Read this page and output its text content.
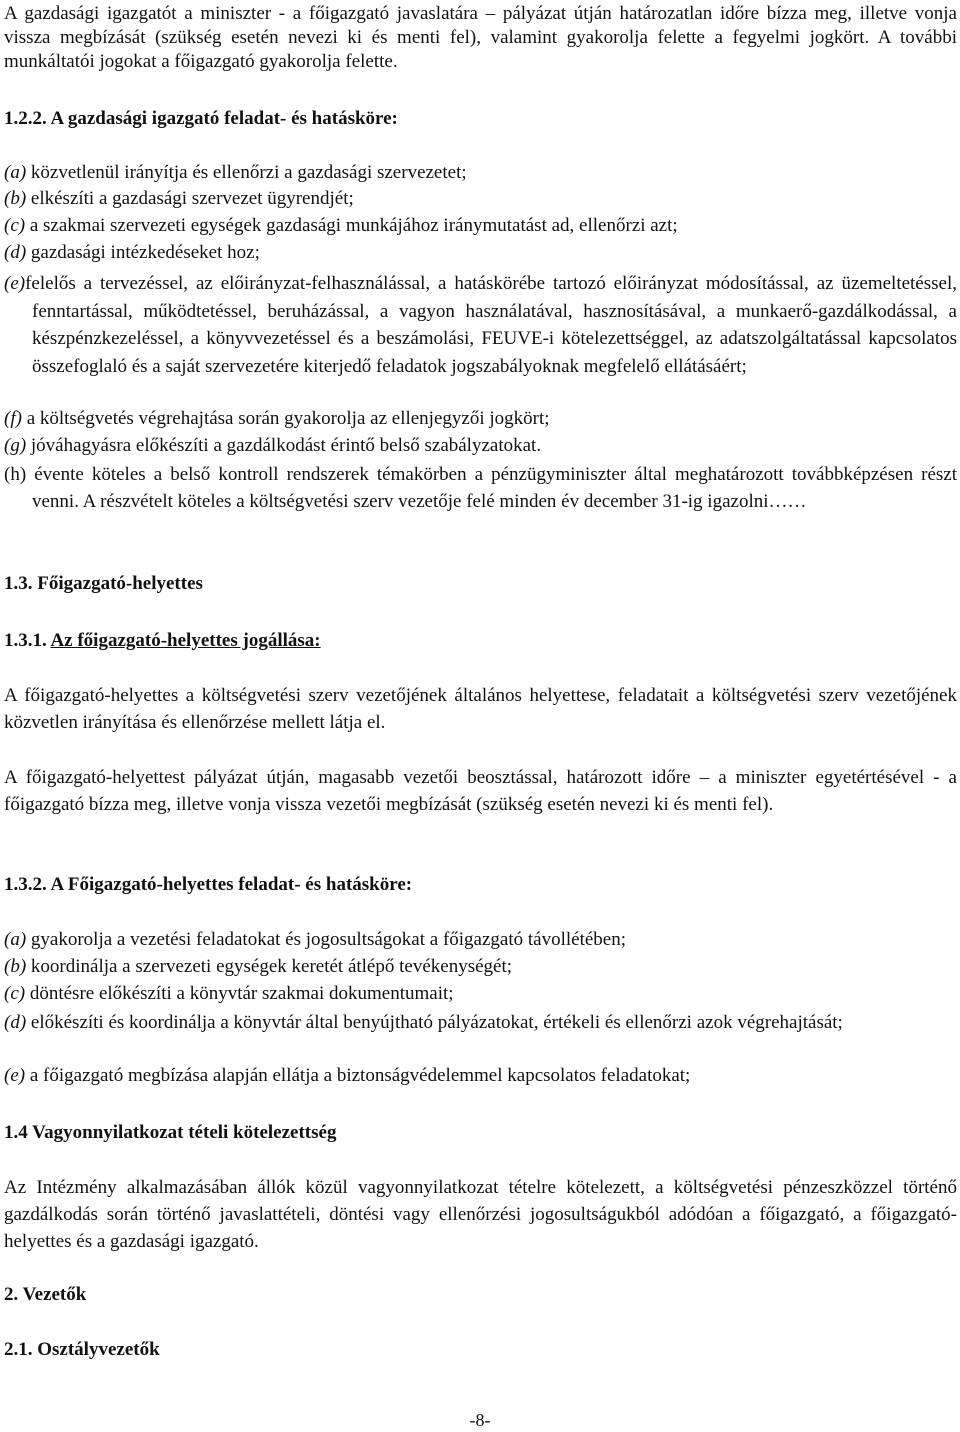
A gazdasági igazgatót a miniszter - a főigazgató javaslatára – pályázat útján határozatlan időre bízza meg, illetve vonja vissza megbízását (szükség esetén nevezi ki és menti fel), valamint gyakorolja felette a fegyelmi jogkört. A további munkáltatói jogokat a főigazgató gyakorolja felette.

1.2.2. A gazdasági igazgató feladat- és hatásköre:

(a) közvetlenül irányítja és ellenőrzi a gazdasági szervezetet;

(b) elkészíti a gazdasági szervezet ügyrendjét;

(c) a szakmai szervezeti egységek gazdasági munkájához iránymutatást ad, ellenőrzi azt;

(d) gazdasági intézkedéseket hoz;

(e)felelős a tervezéssel, az előirányzat-felhasználással, a hatáskörébe tartozó előirányzat módosítással, az üzemeltetéssel, fenntartással, működtetéssel, beruházással, a vagyon használatával, hasznosításával, a munkaerő-gazdálkodással, a készpénzkezeléssel, a könyvvezetéssel és a beszámolási, FEUVE-i kötelezettséggel, az adatszolgáltatással kapcsolatos összefoglaló és a saját szervezetére kiterjedő feladatok jogszabályoknak megfelelő ellátásáért;

(f) a költségvetés végrehajtása során gyakorolja az ellenjegyzői jogkört;

(g) jóváhagyásra előkészíti a gazdálkodást érintő belső szabályzatokat.

(h) évente köteles a belső kontroll rendszerek témakörben a pénzügyminiszter által meghatározott továbbképzésen részt venni. A részvételt köteles a költségvetési szerv vezetője felé minden év december 31-ig igazolni……

1.3. Főigazgató-helyettes

1.3.1. Az főigazgató-helyettes jogállása:

A főigazgató-helyettes a költségvetési szerv vezetőjének általános helyettese, feladatait a költségvetési szerv vezetőjének közvetlen irányítása és ellenőrzése mellett látja el.

A főigazgató-helyettest pályázat útján, magasabb vezetői beosztással, határozott időre – a miniszter egyetértésével - a főigazgató bízza meg, illetve vonja vissza vezetői megbízását (szükség esetén nevezi ki és menti fel).

1.3.2. A Főigazgató-helyettes feladat- és hatásköre:

(a) gyakorolja a vezetési feladatokat és jogosultságokat a főigazgató távollétében;

(b) koordinálja a szervezeti egységek keretét átlépő tevékenységét;

(c) döntésre előkészíti a könyvtár szakmai dokumentumait;

(d) előkészíti és koordinálja a könyvtár által benyújtható pályázatokat, értékeli és ellenőrzi azok végrehajtását;

(e) a főigazgató megbízása alapján ellátja a biztonságvédelemmel kapcsolatos feladatokat;

1.4 Vagyonnyilatkozat tételi kötelezettség

Az Intézmény alkalmazásában állók közül vagyonnyilatkozat tételre kötelezett, a költségvetési pénzeszközzel történő gazdálkodás során történő javaslattételi, döntési vagy ellenőrzési jogosultságukból adódóan a főigazgató, a főigazgató-helyettes és a gazdasági igazgató.

2. Vezetők

2.1. Osztályvezetők

-8-
